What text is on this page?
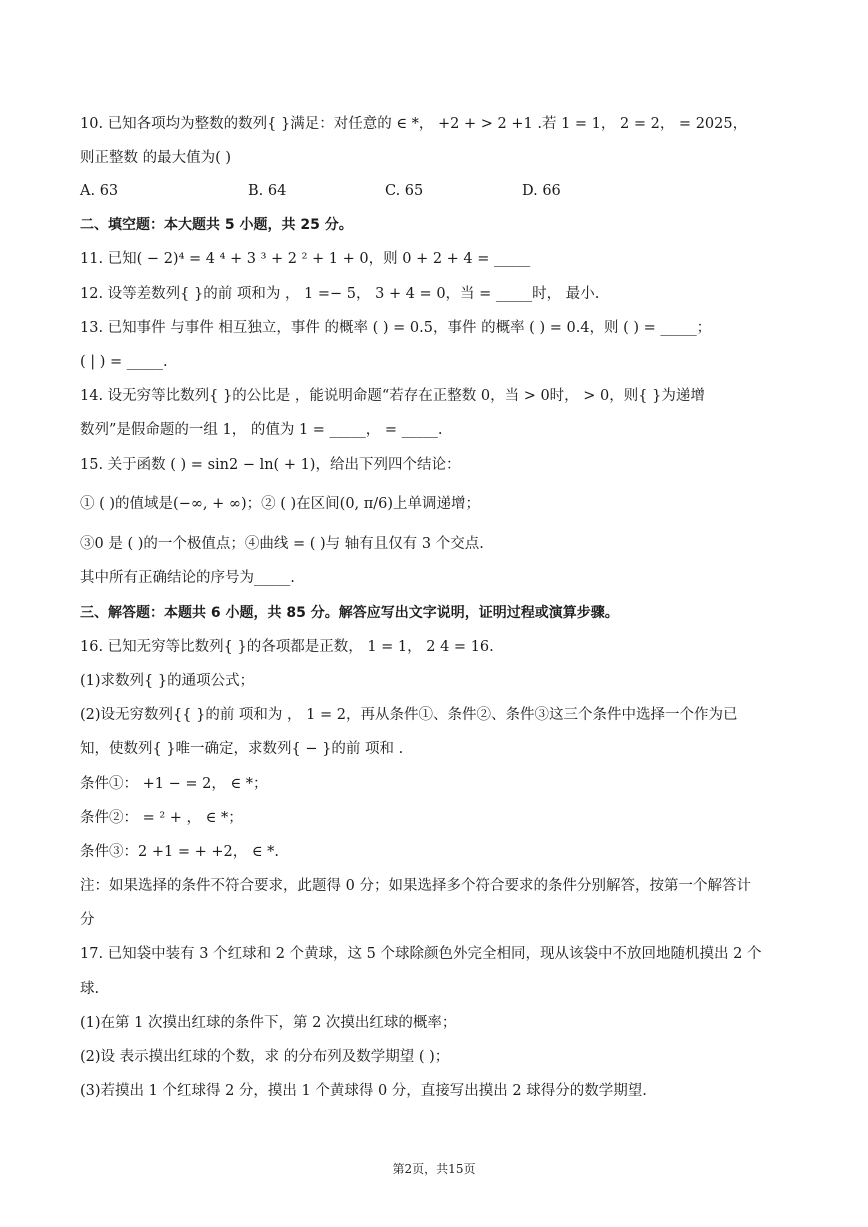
10. 已知各项均为整数的数列{ }满足：对任意的 ∈ *， +2 + > 2 +1 .若 1 = 1， 2 = 2， = 2025，
则正整数 的最大值为( )
A. 63	B. 64	C. 65	D. 66
二、填空题：本大题共 5 小题，共 25 分。
11. 已知( − 2)⁴ = 4 ⁴ + 3 ³ + 2 ² + 1 + 0，则 0 + 2 + 4 = _____
12. 设等差数列{ }的前 项和为 ， 1 =− 5， 3 + 4 = 0，当 = _____时， 最小.
13. 已知事件 与事件 相互独立，事件 的概率 ( ) = 0.5，事件 的概率 ( ) = 0.4，则 ( ) = _____；
( | ) = _____.
14. 设无穷等比数列{ }的公比是 ，能说明命题“若存在正整数 0，当 > 0时， > 0，则{ }为递增
数列”是假命题的一组 1， 的值为 1 = _____， = _____.
15. 关于函数 ( ) = sin2 − ln( + 1)，给出下列四个结论：
① ( )的值域是(−∞, + ∞)；② ( )在区间(0, π/6)上单调递增；
③0 是 ( )的一个极值点；④曲线 = ( )与 轴有且仅有 3 个交点.
其中所有正确结论的序号为_____.
三、解答题：本题共 6 小题，共 85 分。解答应写出文字说明，证明过程或演算步骤。
16. 已知无穷等比数列{ }的各项都是正数， 1 = 1， 2 4 = 16.
(1)求数列{ }的通项公式；
(2)设无穷数列{{ }的前 项和为 ， 1 = 2，再从条件①、条件②、条件③这三个条件中选择一个作为已
知，使数列{ }唯一确定，求数列{ − }的前 项和 .
条件①： +1 − = 2， ∈ *；
条件②： = ² + ， ∈ *；
条件③：2 +1 = + +2， ∈ *.
注：如果选择的条件不符合要求，此题得 0 分；如果选择多个符合要求的条件分别解答，按第一个解答计
分
17. 已知袋中装有 3 个红球和 2 个黄球，这 5 个球除颜色外完全相同，现从该袋中不放回地随机摸出 2 个
球.
(1)在第 1 次摸出红球的条件下，第 2 次摸出红球的概率；
(2)设 表示摸出红球的个数，求 的分布列及数学期望 ( )；
(3)若摸出 1 个红球得 2 分，摸出 1 个黄球得 0 分，直接写出摸出 2 球得分的数学期望.
第2页，共15页
